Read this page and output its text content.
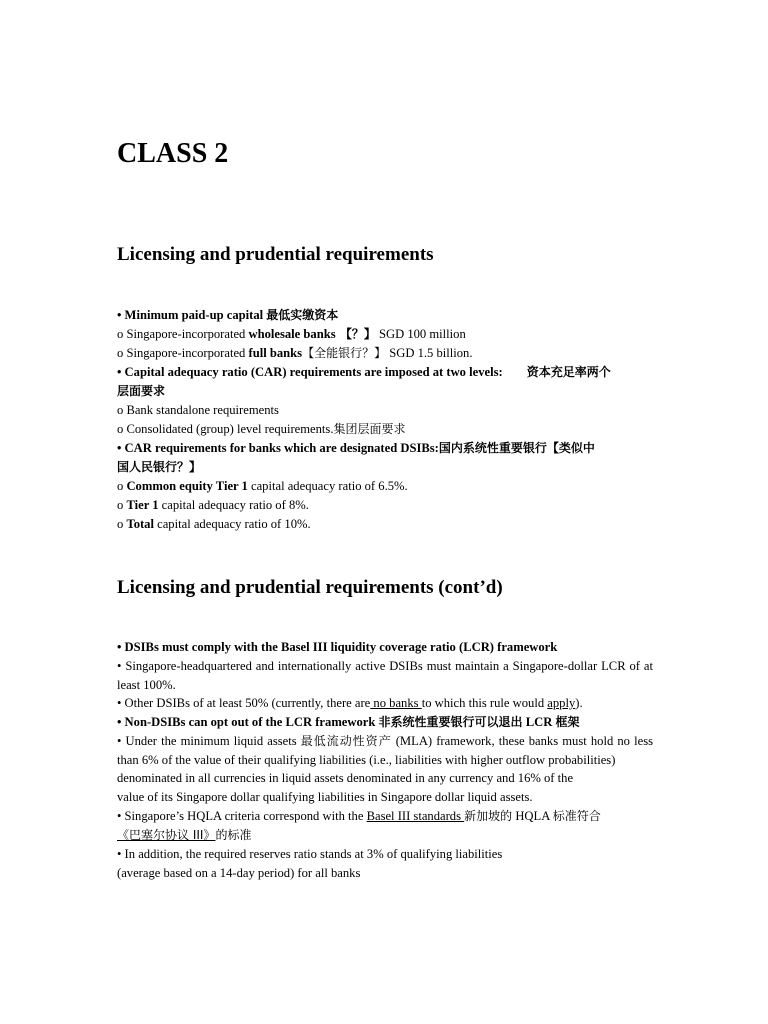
CLASS 2
Licensing and prudential requirements

• Minimum paid-up capital 最低实缴资本

o Singapore-incorporated wholesale banks 【？】 SGD 100 million

o Singapore-incorporated full banks【全能银行？】 SGD 1.5 billion.

• Capital adequacy ratio (CAR) requirements are imposed at two levels: 资本充足率两个

层面要求

o Bank standalone requirements

o Consolidated (group) level requirements.集团层面要求

• CAR requirements for banks which are designated DSIBs:国内系统性重要银行【类似中

国人民银行？】

o Common equity Tier 1 capital adequacy ratio of 6.5%.

o Tier 1 capital adequacy ratio of 8%.

o Total capital adequacy ratio of 10%.

Licensing and prudential requirements (cont’d)

• DSIBs must comply with the Basel III liquidity coverage ratio (LCR) framework

• Singapore-headquartered and internationally active DSIBs must maintain a Singapore-dollar LCR of at least 100%.

• Other DSIBs of at least 50% (currently, there are no banks to which this rule would apply).

• Non-DSIBs can opt out of the LCR framework 非系统性重要银行可以退出 LCR 框架

• Under the minimum liquid assets 最低流动性资产 (MLA) framework, these banks must hold no less than 6% of the value of their qualifying liabilities (i.e., liabilities with higher outflow probabilities)

denominated in all currencies in liquid assets denominated in any currency and 16% of the

value of its Singapore dollar qualifying liabilities in Singapore dollar liquid assets.

• Singapore’s HQLA criteria correspond with the Basel III standards 新加坡的 HQLA 标准符合

《巴塞尔协议 III》的标准

• In addition, the required reserves ratio stands at 3% of qualifying liabilities

(average based on a 14-day period) for all banks
